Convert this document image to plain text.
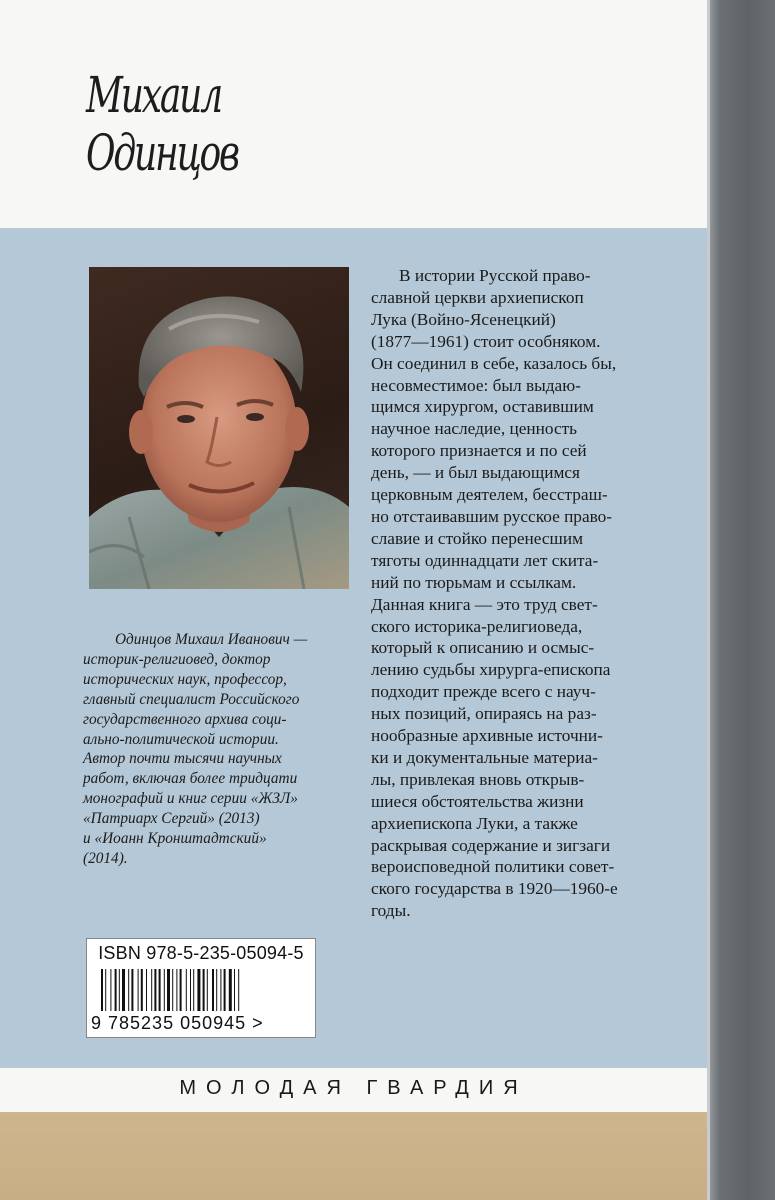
Михаил
Одинцов
В истории Русской право-
славной церкви архиепископ
Лука (Войно-Ясенецкий)
(1877—1961) стоит особняком.
Он соединил в себе, казалось бы,
несовместимое: был выдаю-
щимся хирургом, оставившим
научное наследие, ценность
которого признается и по сей
день, — и был выдающимся
церковным деятелем, бесстраш-
но отстаивавшим русское право-
славие и стойко перенесшим
тяготы одиннадцати лет скита-
ний по тюрьмам и ссылкам.
Данная книга — это труд свет-
ского историка-религиоведа,
который к описанию и осмыс-
лению судьбы хирурга-епископа
подходит прежде всего с науч-
ных позиций, опираясь на раз-
нообразные архивные источни-
ки и документальные материа-
лы, привлекая вновь открыв-
шиеся обстоятельства жизни
архиепископа Луки, а также
раскрывая содержание и зигзаги
вероисповедной политики совет-
ского государства в 1920—1960-е
годы.
Одинцов Михаил Иванович —
историк-религиовед, доктор
исторических наук, профессор,
главный специалист Российского
государственного архива соци-
ально-политической истории.
Автор почти тысячи научных
работ, включая более тридцати
монографий и книг серии «ЖЗЛ»
«Патриарх Сергий» (2013)
и «Иоанн Кронштадтский»
(2014).
ISBN 978-5-235-05094-5
9 785235 050945 >
МОЛОДАЯ ГВАРДИЯ
